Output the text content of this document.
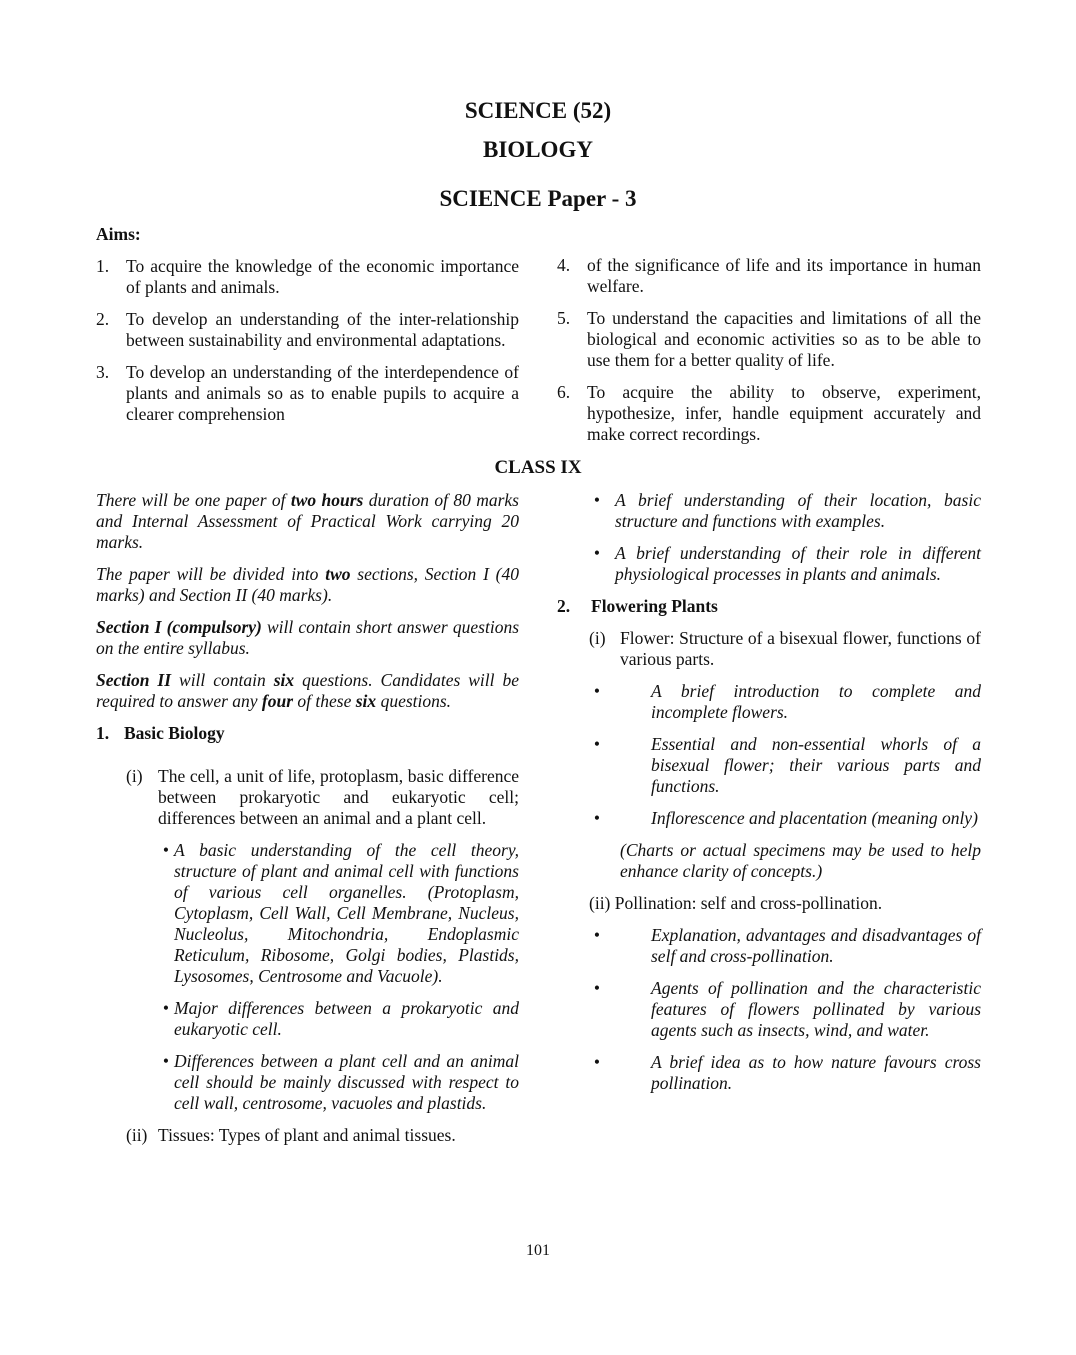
SCIENCE (52)
BIOLOGY
SCIENCE Paper - 3
Aims:
1. To acquire the knowledge of the economic importance of plants and animals.
2. To develop an understanding of the inter-relationship between sustainability and environmental adaptations.
3. To develop an understanding of the interdependence of plants and animals so as to enable pupils to acquire a clearer comprehension
4. of the significance of life and its importance in human welfare.
5. To understand the capacities and limitations of all the biological and economic activities so as to be able to use them for a better quality of life.
6. To acquire the ability to observe, experiment, hypothesize, infer, handle equipment accurately and make correct recordings.
CLASS IX

There will be one paper of two hours duration of 80 marks and Internal Assessment of Practical Work carrying 20 marks.

The paper will be divided into two sections, Section I (40 marks) and Section II (40 marks).

Section I (compulsory) will contain short answer questions on the entire syllabus.

Section II will contain six questions. Candidates will be required to answer any four of these six questions.

1. Basic Biology
(i) The cell, a unit of life, protoplasm, basic difference between prokaryotic and eukaryotic cell; differences between an animal and a plant cell.
• A basic understanding of the cell theory, structure of plant and animal cell with functions of various cell organelles. (Protoplasm, Cytoplasm, Cell Wall, Cell Membrane, Nucleus, Nucleolus, Mitochondria, Endoplasmic Reticulum, Ribosome, Golgi bodies, Plastids, Lysosomes, Centrosome and Vacuole).
• Major differences between a prokaryotic and eukaryotic cell.
• Differences between a plant cell and an animal cell should be mainly discussed with respect to cell wall, centrosome, vacuoles and plastids.
(ii) Tissues: Types of plant and animal tissues.
• A brief understanding of their location, basic structure and functions with examples.
• A brief understanding of their role in different physiological processes in plants and animals.
2.	Flowering Plants
(i) Flower: Structure of a bisexual flower, functions of various parts.
•	A brief introduction to complete and incomplete flowers.
•	Essential and non-essential whorls of a bisexual flower; their various parts and functions.
•	Inflorescence and placentation (meaning only)

(Charts or actual specimens may be used to help enhance clarity of concepts.)

(ii) Pollination: self and cross-pollination.

•	Explanation, advantages and disadvantages of self and cross-pollination.
•	Agents of pollination and the characteristic features of flowers pollinated by various agents such as insects, wind, and water.
•	A brief idea as to how nature favours cross pollination.
101
